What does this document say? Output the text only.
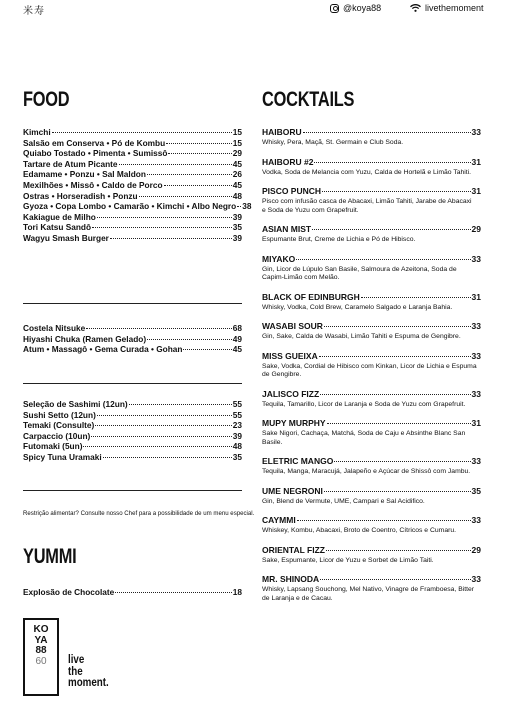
米寿	@koya88	livethemoment
FOOD
Kimchi	15
Salsão em Conserva • Pó de Kombu	15
Quiabo Tostado • Pimenta • Sumissô	29
Tartare de Atum Picante	45
Edamame • Ponzu • Sal Maldon	26
Mexilhões • Missô • Caldo de Porco	45
Ostras • Horseradish • Ponzu	48
Gyoza • Copa Lombo • Camarão • Kimchi • Albo Negro 38
Kakiague de Milho	39
Tori Katsu Sandô	35
Wagyu Smash Burger	39
Costela Nitsuke	68
Hiyashi Chuka (Ramen Gelado)	49
Atum • Massagô • Gema Curada • Gohan	45
Seleção de Sashimi (12un)	55
Sushi Setto (12un)	55
Temaki (Consulte)	23
Carpaccio (10un)	39
Futomaki (5un)	48
Spicy Tuna Uramaki	35
Restrição alimentar? Consulte nosso Chef para a possibilidade de um menu especial.
YUMMI
Explosão de Chocolate	18
KO
YA
88
60	live
the
moment.
COCKTAILS
HAIBORU	33
Whisky, Pera, Maçã, St. Germain e Club Soda.
HAIBORU #2	31
Vodka, Soda de Melancia com Yuzu, Calda de Hortelã e Limão Tahiti.
PISCO PUNCH	31
Pisco com infusão casca de Abacaxi, Limão Tahiti, Jarabe de Abacaxi e Soda de Yuzu com Grapefruit.
ASIAN MIST	29
Espumante Brut, Creme de Lichia e Pó de Hibisco.
MIYAKO	33
Gin, Licor de Lúpulo San Basile, Salmoura de Azeitona, Soda de Capim-Limão com Melão.
BLACK OF EDINBURGH	31
Whisky, Vodka, Cold Brew, Caramelo Salgado e Laranja Bahia.
WASABI SOUR	33
Gin, Sake, Calda de Wasabi, Limão Tahiti e Espuma de Gengibre.
MISS GUEIXA	33
Sake, Vodka, Cordial de Hibisco com Kinkan, Licor de Lichia e Espuma de Gengibre.
JALISCO FIZZ	33
Tequila, Tamarillo, Licor de Laranja e Soda de Yuzu com Grapefruit.
MUPY MURPHY	31
Sake Nigori, Cachaça, Matchá, Soda de Caju e Absinthe Blanc San Basile.
ELETRIC MANGO	33
Tequila, Manga, Maracujá, Jalapeño e Açúcar de Shissô com Jambu.
UME NEGRONI	35
Gin, Blend de Vermute, UME, Campari e Sal Acidifico.
CAYMMI	33
Whiskey, Kombu, Abacaxi, Broto de Coentro, Cítricos e Cumaru.
ORIENTAL FIZZ	29
Sake, Espumante, Licor de Yuzu e Sorbet de Limão Taiti.
MR. SHINODA	33
Whisky, Lapsang Souchong, Mel Nativo, Vinagre de Framboesa, Bitter de Laranja e de Cacau.
